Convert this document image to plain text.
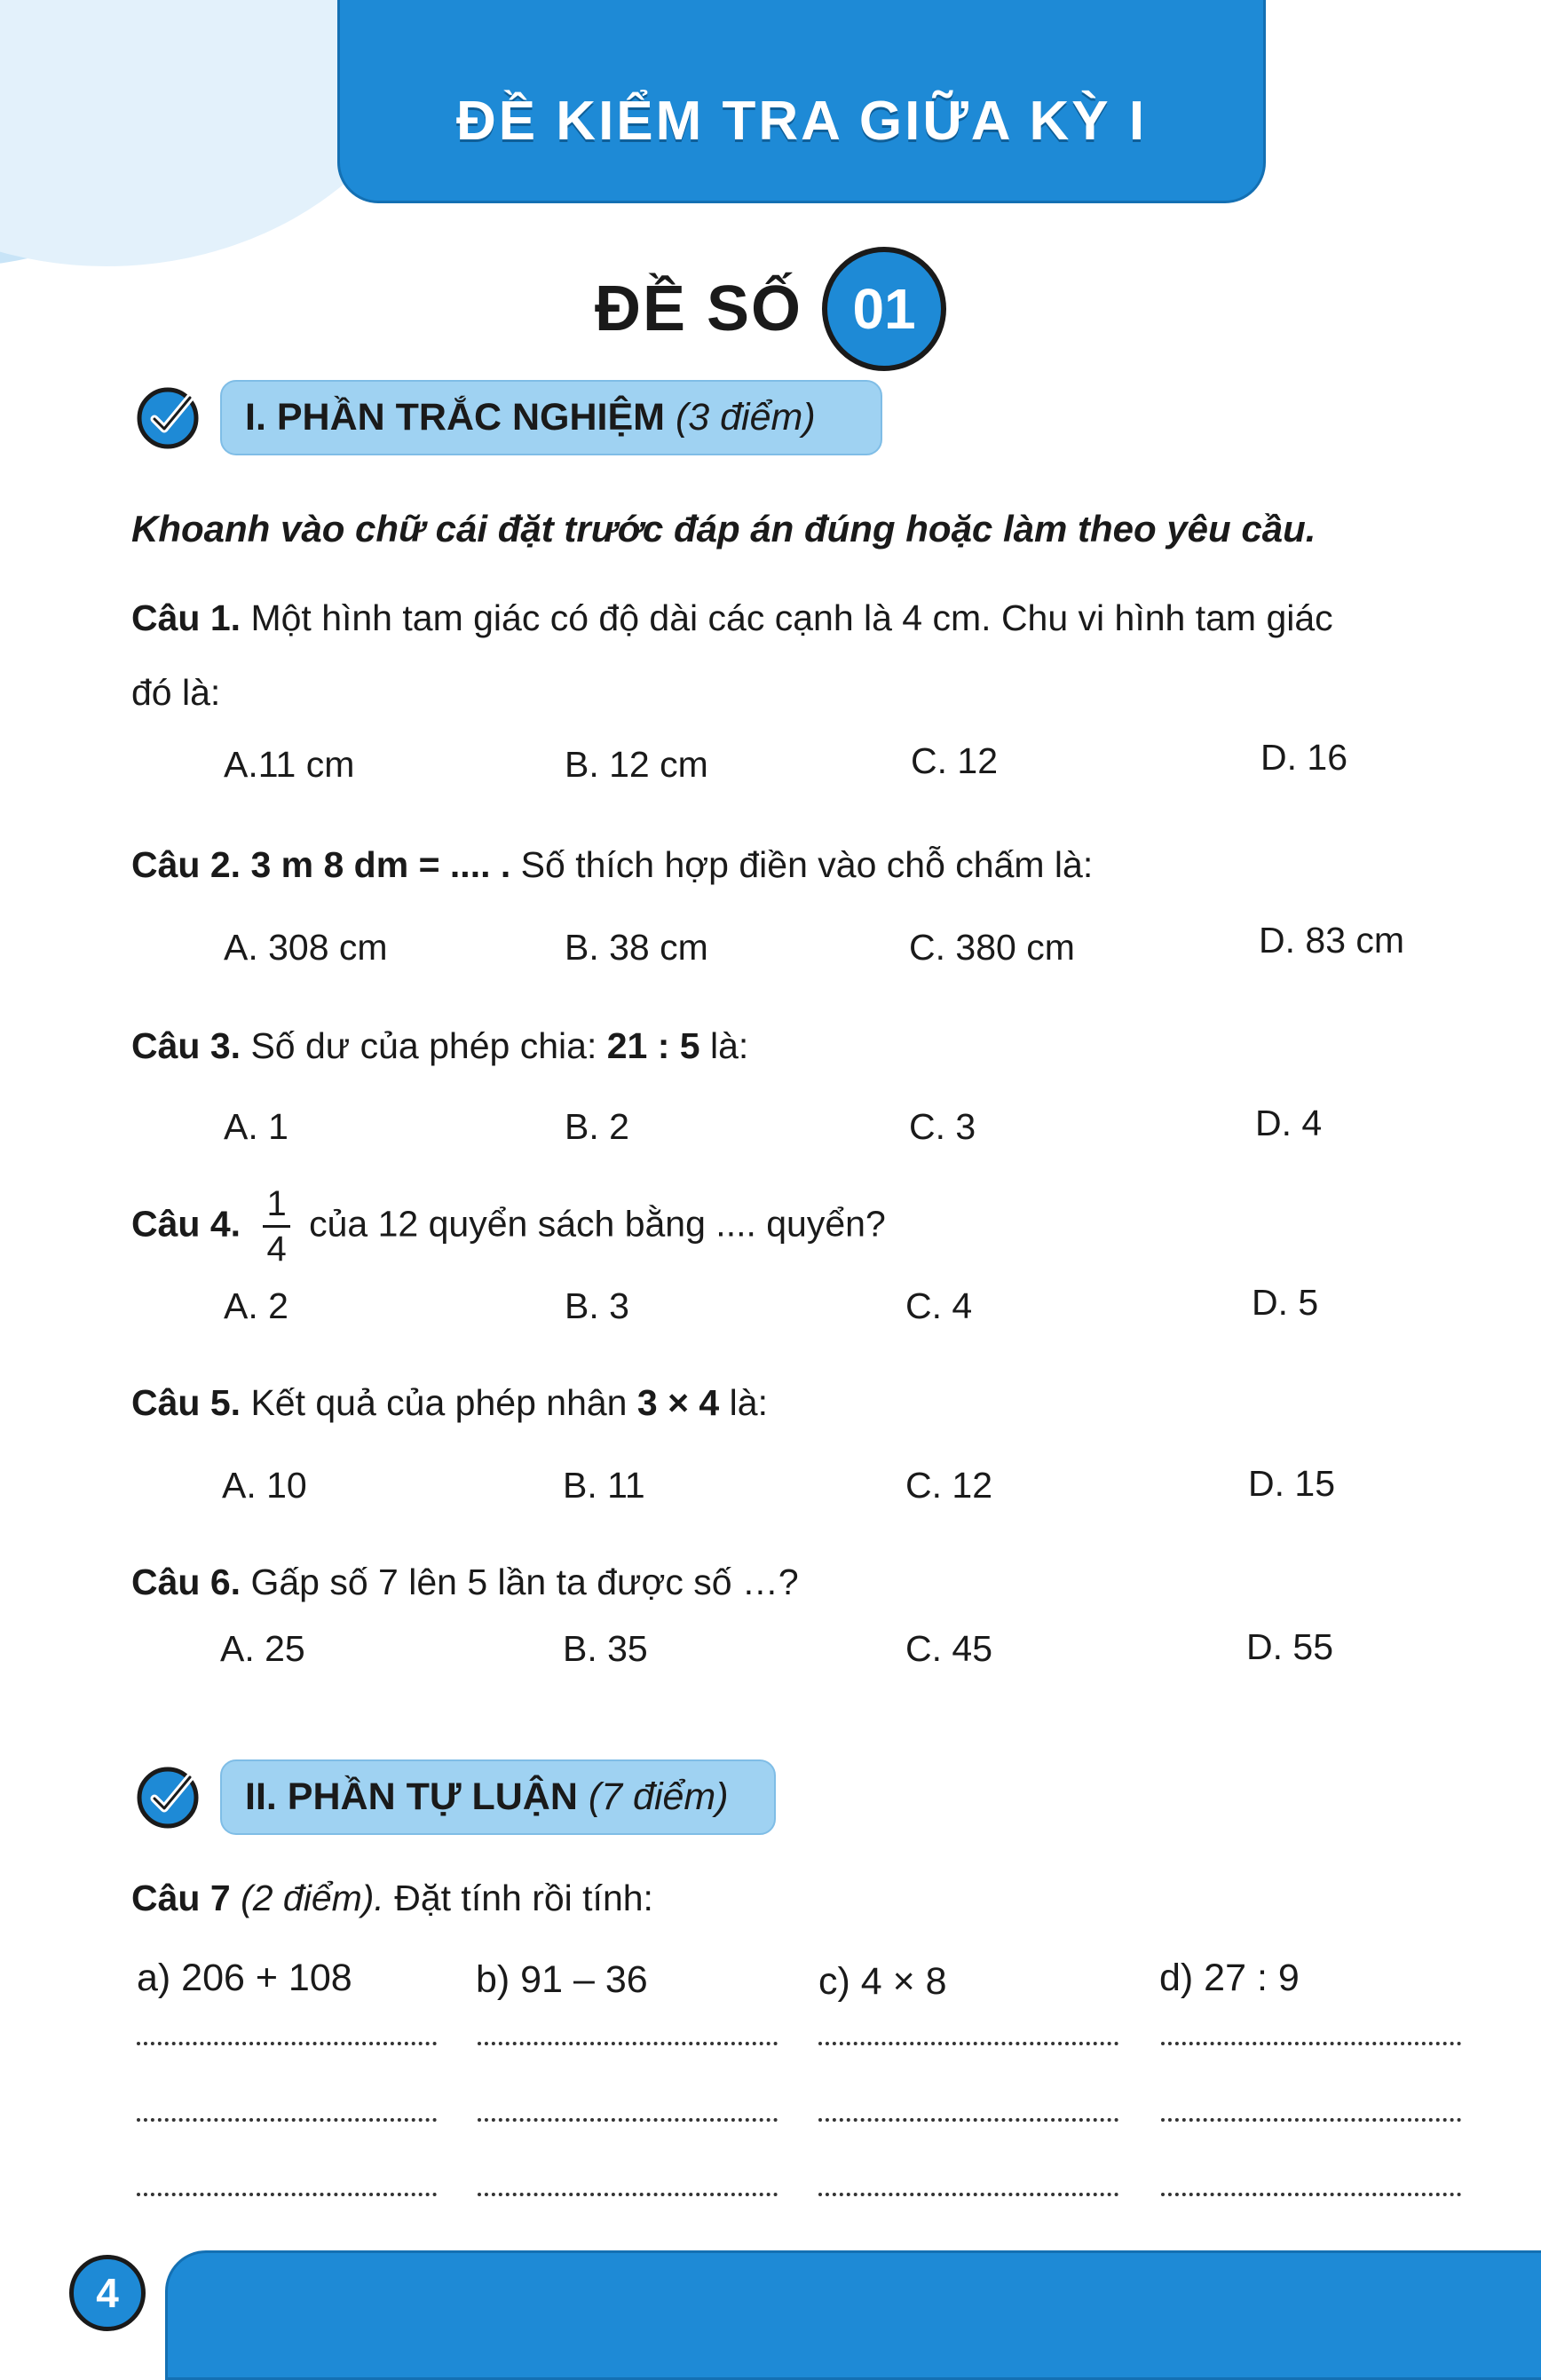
ĐỀ KIỂM TRA GIỮA KỲ I
ĐỀ SỐ 01
I. PHẦN TRẮC NGHIỆM (3 điểm)
Khoanh vào chữ cái đặt trước đáp án đúng hoặc làm theo yêu cầu.
Câu 1. Một hình tam giác có độ dài các cạnh là 4 cm. Chu vi hình tam giác
đó là:
A.11 cm	B. 12 cm	C. 12	D. 16
Câu 2. 3 m 8 dm = .... . Số thích hợp điền vào chỗ chấm là:
A. 308 cm	B. 38 cm	C. 380 cm	D. 83 cm
Câu 3. Số dư của phép chia: 21 : 5 là:
A. 1	B. 2	C. 3	D. 4
Câu 4. $\frac{1}{4}$ của 12 quyển sách bằng .... quyển?
A. 2	B. 3	C. 4	D. 5
Câu 5. Kết quả của phép nhân 3 × 4 là:
A. 10	B. 11	C. 12	D. 15
Câu 6. Gấp số 7 lên 5 lần ta được số …?
A. 25	B. 35	C. 45	D. 55
II. PHẦN TỰ LUẬN (7 điểm)
Câu 7 (2 điểm). Đặt tính rồi tính:
a) 206 + 108	b) 91 – 36	c) 4 × 8	d) 27 : 9
4
